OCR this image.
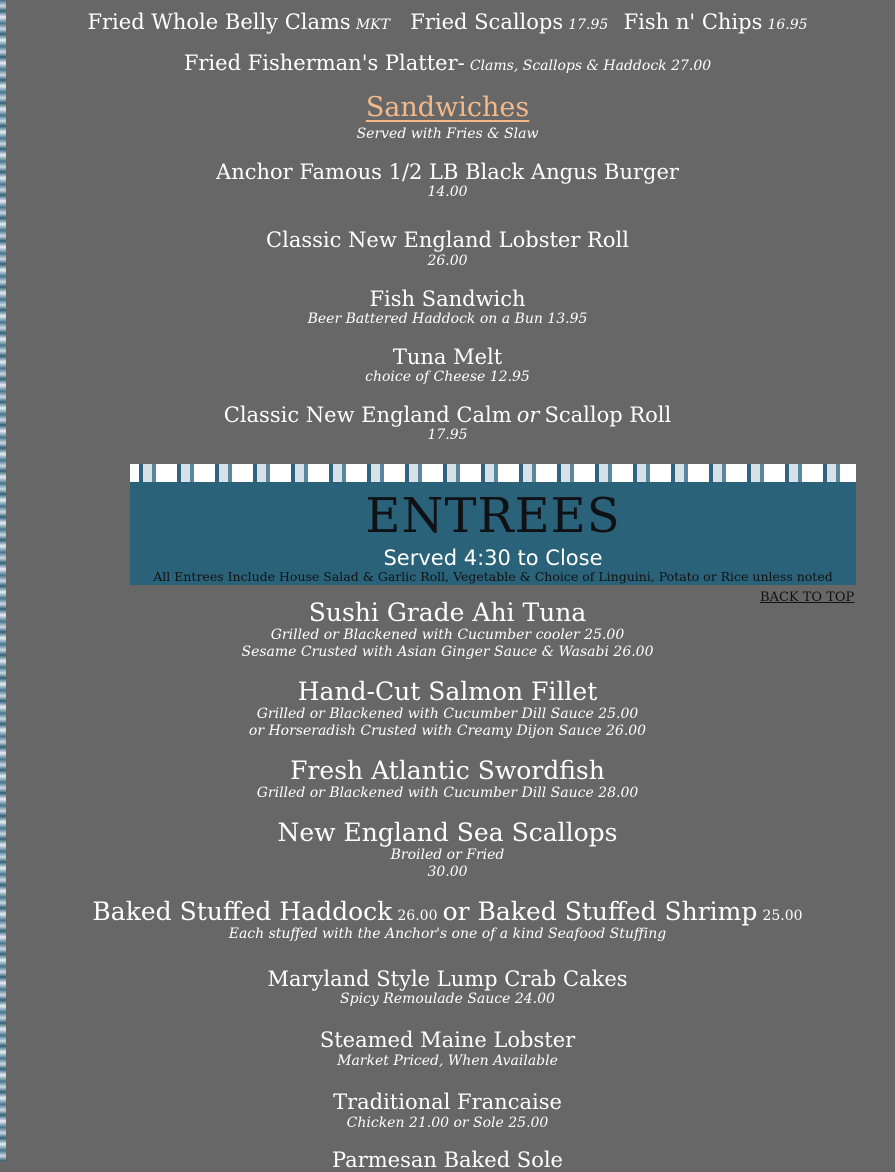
Fried Whole Belly Clams MKT Fried Scallops 17.95 Fish n' Chips 16.95
Fried Fisherman's Platter- Clams, Scallops & Haddock 27.00
Sandwiches
Served with Fries & Slaw
Anchor Famous 1/2 LB Black Angus Burger
14.00
Classic New England Lobster Roll
26.00
Fish Sandwich
Beer Battered Haddock on a Bun 13.95
Tuna Melt
choice of Cheese 12.95
Classic New England Calm or Scallop Roll
17.95
ENTREES
Served 4:30 to Close
All Entrees Include House Salad & Garlic Roll, Vegetable & Choice of Linguini, Potato or Rice unless noted
BACK TO TOP
Sushi Grade Ahi Tuna
Grilled or Blackened with Cucumber cooler 25.00
Sesame Crusted with Asian Ginger Sauce & Wasabi 26.00
Hand-Cut Salmon Fillet
Grilled or Blackened with Cucumber Dill Sauce 25.00
or Horseradish Crusted with Creamy Dijon Sauce 26.00
Fresh Atlantic Swordfish
Grilled or Blackened with Cucumber Dill Sauce 28.00
New England Sea Scallops
Broiled or Fried
30.00
Baked Stuffed Haddock 26.00 or Baked Stuffed Shrimp 25.00
Each stuffed with the Anchor's one of a kind Seafood Stuffing
Maryland Style Lump Crab Cakes
Spicy Remoulade Sauce 24.00
Steamed Maine Lobster
Market Priced, When Available
Traditional Francaise
Chicken 21.00 or Sole 25.00
Parmesan Baked Sole
